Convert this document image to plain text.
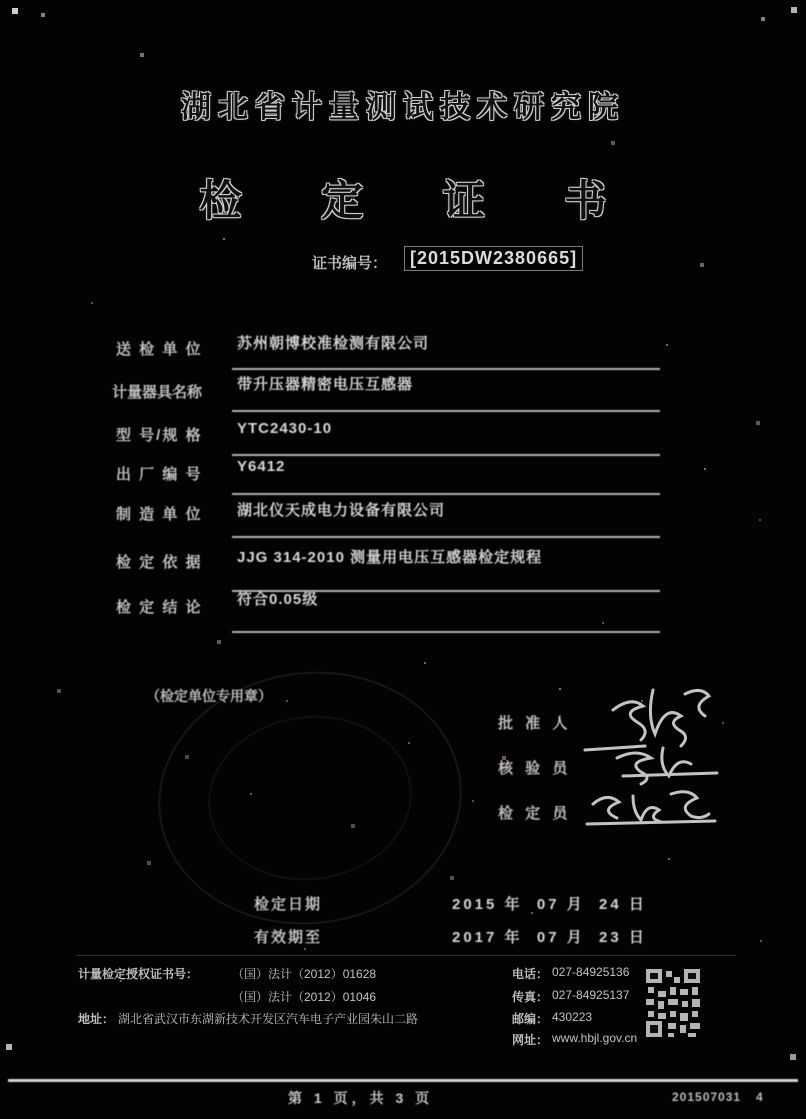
湖北省计量测试技术研究院
检 定 证 书
证书编号：	[2015DW2380665]
送 检 单 位 苏州朝博校准检测有限公司
计量器具名称 带升压器精密电压互感器
型 号/规 格 YTC2430-10
出 厂 编 号 Y6412
制 造 单 位 湖北仪天成电力设备有限公司
检 定 依 据 JJG 314-2010 测量用电压互感器检定规程
检 定 结 论 符合0.05级
（检定单位专用章）
批 准 人
核 验 员
检 定 员
检定日期	2015 年  07 月  24 日
有效期至	2017 年  07 月  23 日
计量检定授权证书号：	（国）法计（2012）01628
（国）法计（2012）01046
地址： 湖北省武汉市东湖新技术开发区汽车电子产业园朱山二路
电话： 027-84925136
传真： 027-84925137
邮编： 430223
网址： www.hbjl.gov.cn
第 1 页，共 3 页	201507031 4
